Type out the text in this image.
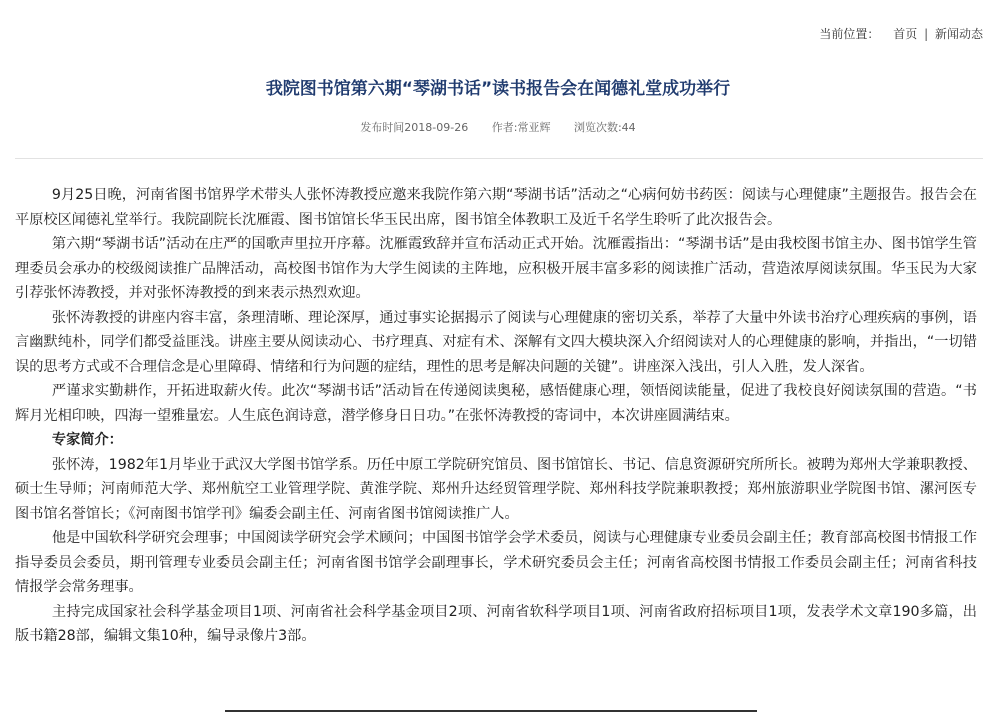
当前位置： 首页 | 新闻动态
我院图书馆第六期“琴湖书话”读书报告会在闻德礼堂成功举行
发布时间2018-09-26 作者:常亚辉 浏览次数:44

9月25日晚，河南省图书馆界学术带头人张怀涛教授应邀来我院作第六期“琴湖书话”活动之“心病何妨书药医：阅读与心理健康”主题报告。报告会在平原校区闻德礼堂举行。我院副院长沈雁霞、图书馆馆长华玉民出席，图书馆全体教职工及近千名学生聆听了此次报告会。

第六期“琴湖书话”活动在庄严的国歌声里拉开序幕。沈雁霞致辞并宣布活动正式开始。沈雁霞指出：“琴湖书话”是由我校图书馆主办、图书馆学生管理委员会承办的校级阅读推广品牌活动，高校图书馆作为大学生阅读的主阵地，应积极开展丰富多彩的阅读推广活动，营造浓厚阅读氛围。华玉民为大家引荐张怀涛教授，并对张怀涛教授的到来表示热烈欢迎。

张怀涛教授的讲座内容丰富，条理清晰、理论深厚，通过事实论据揭示了阅读与心理健康的密切关系，举荐了大量中外读书治疗心理疾病的事例，语言幽默纯朴，同学们都受益匪浅。讲座主要从阅读动心、书疗理真、对症有术、深解有文四大模块深入介绍阅读对人的心理健康的影响，并指出，“一切错误的思考方式或不合理信念是心里障碍、情绪和行为问题的症结，理性的思考是解决问题的关键”。讲座深入浅出，引人入胜，发人深省。

严谨求实勤耕作，开拓进取薪火传。此次“琴湖书话”活动旨在传递阅读奥秘，感悟健康心理，领悟阅读能量，促进了我校良好阅读氛围的营造。“书辉月光相印映，四海一望雅量宏。人生底色润诗意，潜学修身日日功。”在张怀涛教授的寄词中，本次讲座圆满结束。

专家简介：

张怀涛，1982年1月毕业于武汉大学图书馆学系。历任中原工学院研究馆员、图书馆馆长、书记、信息资源研究所所长。被聘为郑州大学兼职教授、硕士生导师；河南师范大学、郑州航空工业管理学院、黄淮学院、郑州升达经贸管理学院、郑州科技学院兼职教授；郑州旅游职业学院图书馆、漯河医专图书馆名誉馆长；《河南图书馆学刊》编委会副主任、河南省图书馆阅读推广人。

他是中国软科学研究会理事；中国阅读学研究会学术顾问；中国图书馆学会学术委员，阅读与心理健康专业委员会副主任；教育部高校图书情报工作指导委员会委员，期刊管理专业委员会副主任；河南省图书馆学会副理事长，学术研究委员会主任；河南省高校图书情报工作委员会副主任；河南省科技情报学会常务理事。

主持完成国家社会科学基金项目1项、河南省社会科学基金项目2项、河南省软科学项目1项、河南省政府招标项目1项，发表学术文章190多篇，出版书籍28部，编辑文集10种，编导录像片3部。
